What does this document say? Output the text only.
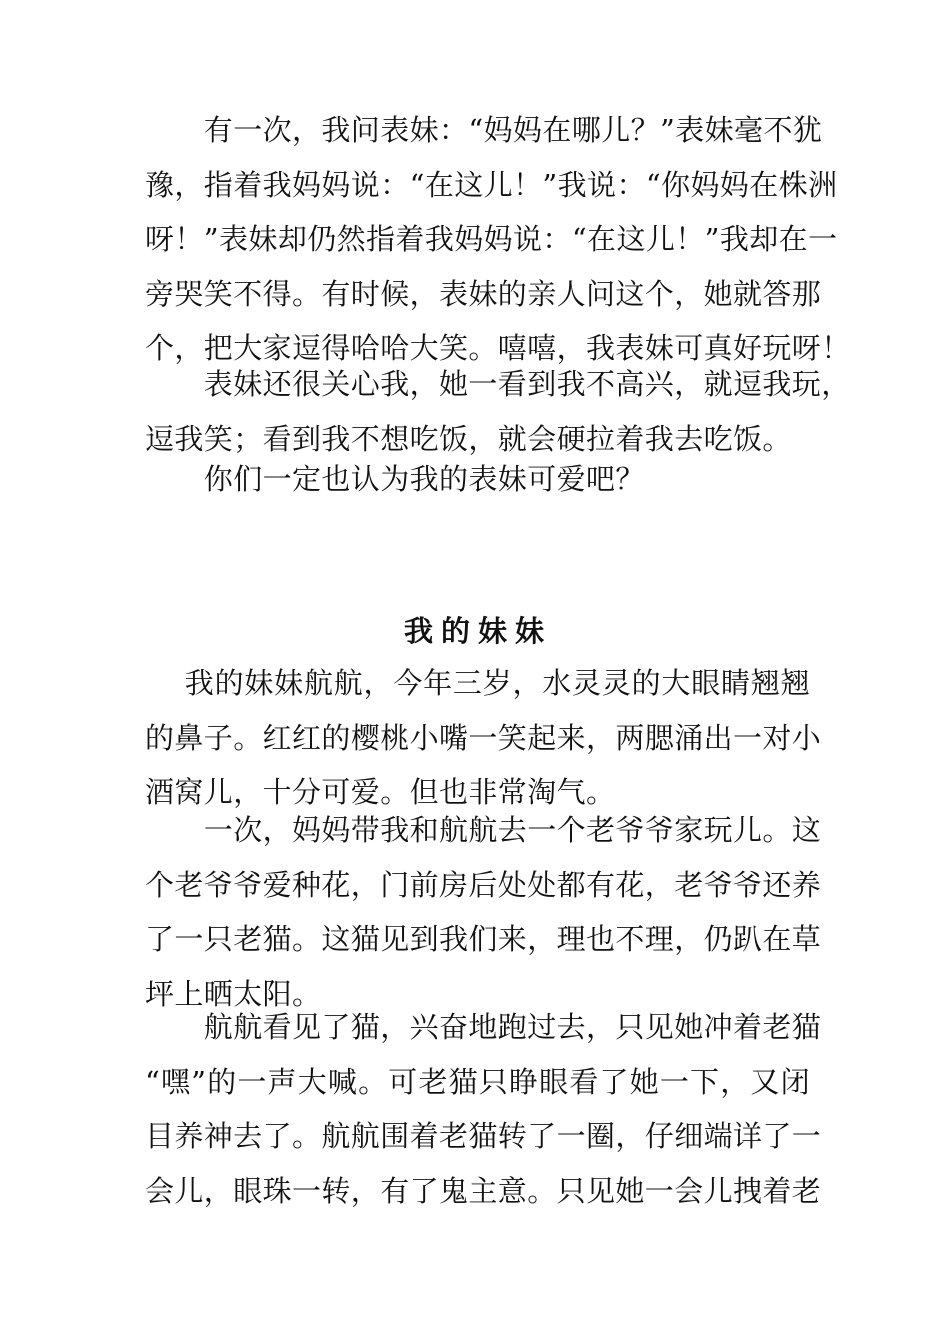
　　有一次，我问表妹：“妈妈在哪儿？”表妹毫不犹
豫，指着我妈妈说：“在这儿！”我说：“你妈妈在株洲
呀！”表妹却仍然指着我妈妈说：“在这儿！”我却在一
旁哭笑不得。有时候，表妹的亲人问这个，她就答那
个，把大家逗得哈哈大笑。嘻嘻，我表妹可真好玩呀！
　　表妹还很关心我，她一看到我不高兴，就逗我玩，
逗我笑；看到我不想吃饭，就会硬拉着我去吃饭。
　　你们一定也认为我的表妹可爱吧？
我的妹妹
　 我的妹妹航航，今年三岁，水灵灵的大眼睛翘翘
的鼻子。红红的樱桃小嘴一笑起来，两腮涌出一对小
酒窝儿，十分可爱。但也非常淘气。
　　一次，妈妈带我和航航去一个老爷爷家玩儿。这
个老爷爷爱种花，门前房后处处都有花，老爷爷还养
了一只老猫。这猫见到我们来，理也不理，仍趴在草
坪上晒太阳。
　　航航看见了猫，兴奋地跑过去，只见她冲着老猫
“嘿”的一声大喊。可老猫只睁眼看了她一下，又闭
目养神去了。航航围着老猫转了一圈，仔细端详了一
会儿，眼珠一转，有了鬼主意。只见她一会儿拽着老
